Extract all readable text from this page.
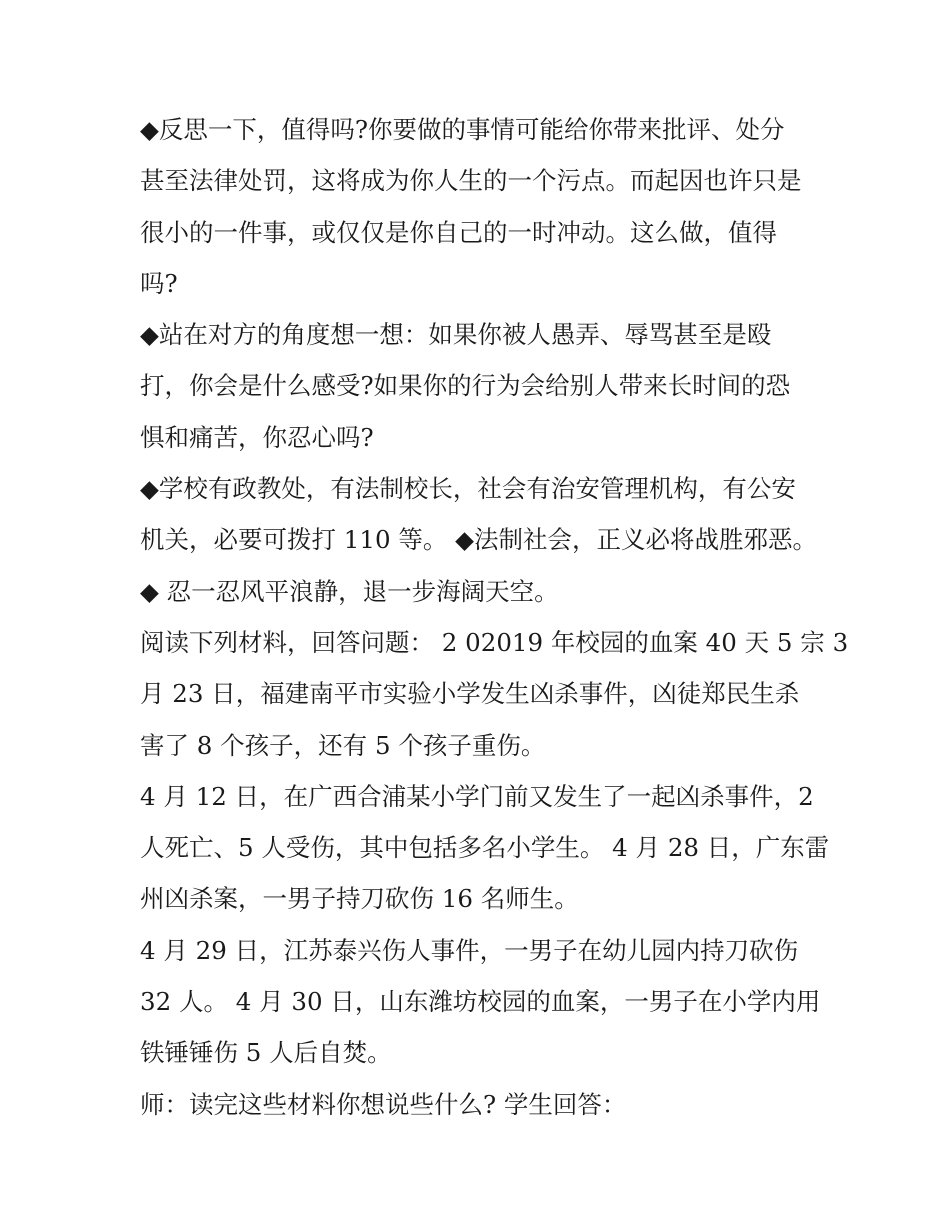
◆反思一下，值得吗?你要做的事情可能给你带来批评、处分
甚至法律处罚，这将成为你人生的一个污点。而起因也许只是
很小的一件事，或仅仅是你自己的一时冲动。这么做，值得
吗?
◆站在对方的角度想一想：如果你被人愚弄、辱骂甚至是殴
打，你会是什么感受?如果你的行为会给别人带来长时间的恐
惧和痛苦，你忍心吗?
◆学校有政教处，有法制校长，社会有治安管理机构，有公安
机关，必要可拨打 110 等。 ◆法制社会，正义必将战胜邪恶。
◆ 忍一忍风平浪静，退一步海阔天空。
阅读下列材料，回答问题： 2 02019 年校园的血案 40 天 5 宗 3
月 23 日，福建南平市实验小学发生凶杀事件，凶徒郑民生杀
害了 8 个孩子，还有 5 个孩子重伤。
4 月 12 日，在广西合浦某小学门前又发生了一起凶杀事件，2
人死亡、5 人受伤，其中包括多名小学生。 4 月 28 日，广东雷
州凶杀案，一男子持刀砍伤 16 名师生。
4 月 29 日，江苏泰兴伤人事件，一男子在幼儿园内持刀砍伤
32 人。 4 月 30 日，山东潍坊校园的血案，一男子在小学内用
铁锤锤伤 5 人后自焚。
师：读完这些材料你想说些什么? 学生回答：
